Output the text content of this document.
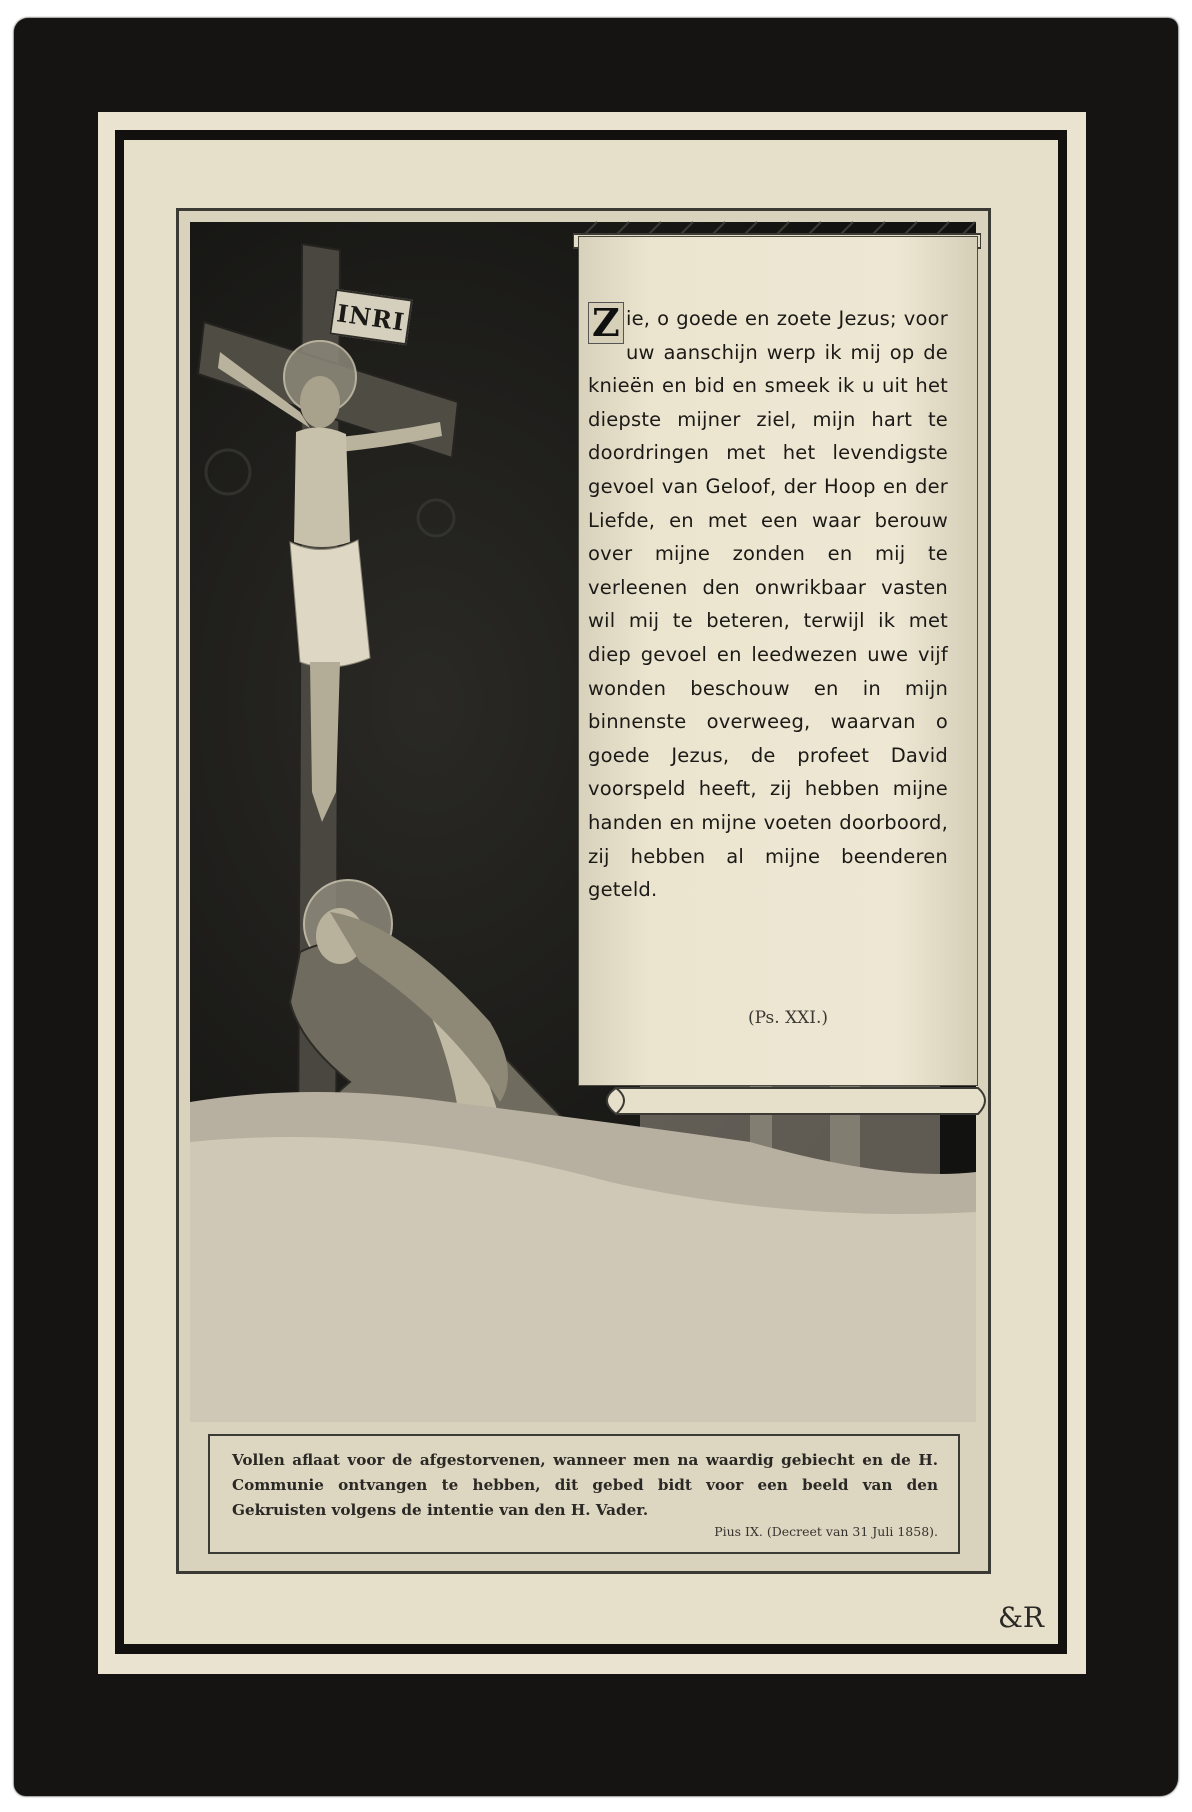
INRI	Z ie, o goede en zoete Jezus; voor uw aanschijn werp ik mij op de knieën en bid en smeek ik u uit het diepste mijner ziel, mijn hart te doordringen met het levendigste gevoel van Geloof, der Hoop en der Liefde, en met een waar berouw over mijne zonden en mij te verleenen den onwrikbaar vasten wil mij te beteren, terwijl ik met diep gevoel en leedwezen uwe vijf wonden beschouw en in mijn binnenste overweeg, waarvan o goede Jezus, de profeet David voorspeld heeft, zij hebben mijne handen en mijne voeten doorboord, zij hebben al mijne beenderen geteld.

(Ps. XXI.)

Vollen aflaat voor de afgestorvenen, wanneer men na waardig gebiecht en de H. Communie ontvangen te hebben, dit gebed bidt voor een beeld van den Gekruisten volgens de intentie van den H. Vader.

Pius IX. (Decreet van 31 Juli 1858).

&R
